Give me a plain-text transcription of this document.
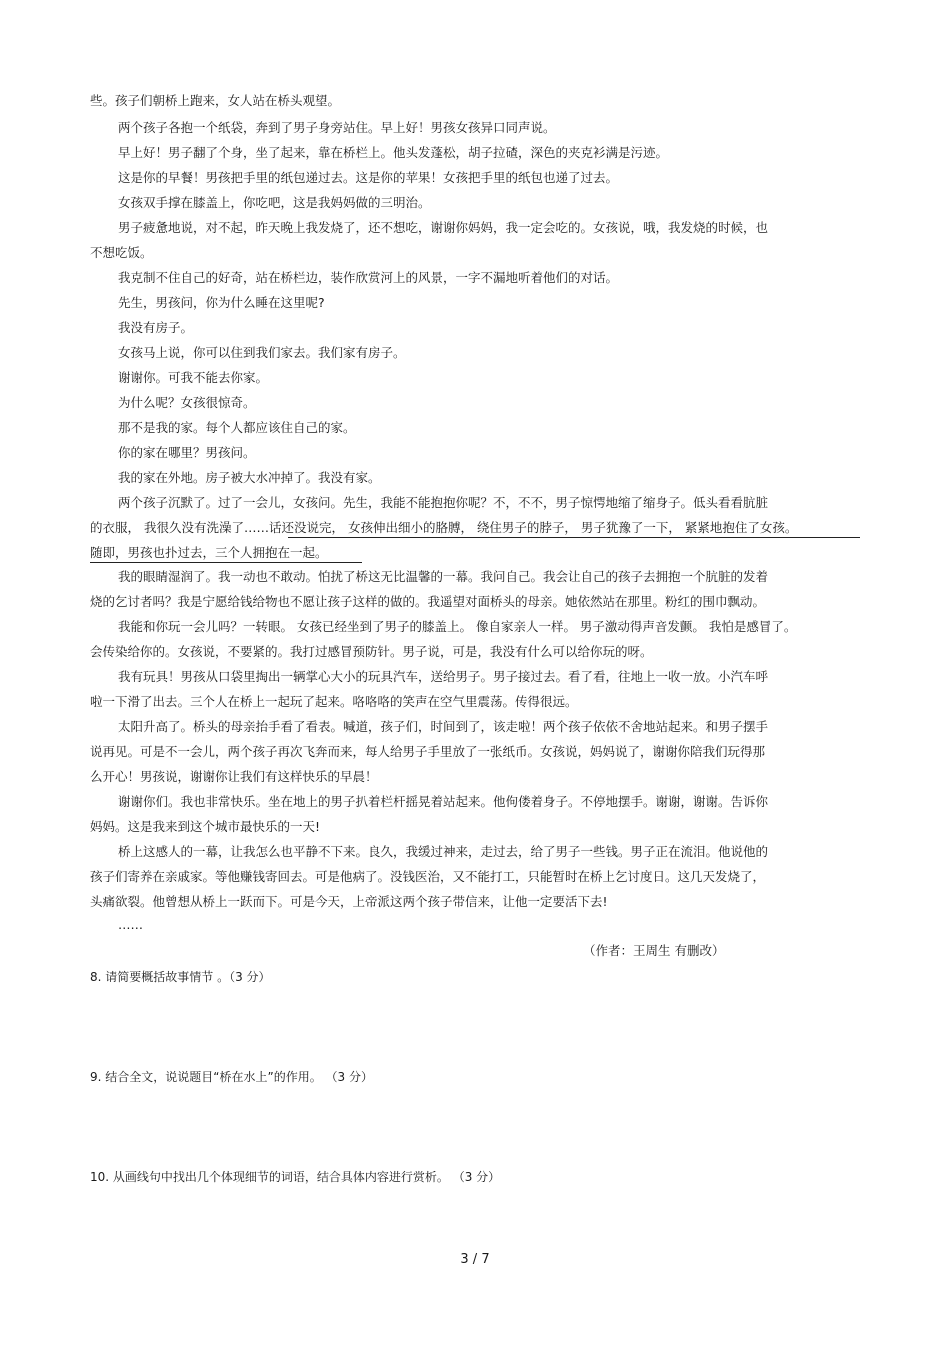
些。孩子们朝桥上跑来，女人站在桥头观望。
两个孩子各抱一个纸袋，奔到了男子身旁站住。早上好！男孩女孩异口同声说。
早上好！男子翻了个身，坐了起来，靠在桥栏上。他头发蓬松，胡子拉碴，深色的夹克衫满是污迹。
这是你的早餐！男孩把手里的纸包递过去。这是你的苹果！女孩把手里的纸包也递了过去。
女孩双手撑在膝盖上，你吃吧，这是我妈妈做的三明治。
男子疲惫地说，对不起，昨天晚上我发烧了，还不想吃，谢谢你妈妈，我一定会吃的。女孩说，哦，我发烧的时候，也
不想吃饭。
我克制不住自己的好奇，站在桥栏边，装作欣赏河上的风景，一字不漏地听着他们的对话。
先生，男孩问，你为什么睡在这里呢?
我没有房子。
女孩马上说，你可以住到我们家去。我们家有房子。
谢谢你。可我不能去你家。
为什么呢？女孩很惊奇。
那不是我的家。每个人都应该住自己的家。
你的家在哪里？男孩问。
我的家在外地。房子被大水冲掉了。我没有家。
两个孩子沉默了。过了一会儿，女孩问。先生，我能不能抱抱你呢？不，不不，男子惊愕地缩了缩身子。低头看看肮脏
的衣服， 我很久没有洗澡了……话还没说完， 女孩伸出细小的胳膊， 绕住男子的脖子， 男子犹豫了一下， 紧紧地抱住了女孩。
随即，男孩也扑过去，三个人拥抱在一起。
我的眼睛湿润了。我一动也不敢动。怕扰了桥这无比温馨的一幕。我问自己。我会让自己的孩子去拥抱一个肮脏的发着
烧的乞讨者吗？我是宁愿给钱给物也不愿让孩子这样的做的。我遥望对面桥头的母亲。她依然站在那里。粉红的围巾飘动。
我能和你玩一会儿吗？一转眼。 女孩已经坐到了男子的膝盖上。 像自家亲人一样。 男子激动得声音发颤。 我怕是感冒了。
会传染给你的。女孩说，不要紧的。我打过感冒预防针。男子说，可是，我没有什么可以给你玩的呀。
我有玩具！男孩从口袋里掏出一辆掌心大小的玩具汽车，送给男子。男子接过去。看了看，往地上一收一放。小汽车呼
啦一下滑了出去。三个人在桥上一起玩了起来。咯咯咯的笑声在空气里震荡。传得很远。
太阳升高了。桥头的母亲抬手看了看表。喊道，孩子们，时间到了，该走啦！两个孩子依依不舍地站起来。和男子摆手
说再见。可是不一会儿，两个孩子再次飞奔而来，每人给男子手里放了一张纸币。女孩说，妈妈说了，谢谢你陪我们玩得那
么开心！男孩说，谢谢你让我们有这样快乐的早晨！
谢谢你们。我也非常快乐。坐在地上的男子扒着栏杆摇晃着站起来。他佝偻着身子。不停地摆手。谢谢，谢谢。告诉你
妈妈。这是我来到这个城市最快乐的一天!
桥上这感人的一幕，让我怎么也平静不下来。良久，我缓过神来，走过去，给了男子一些钱。男子正在流泪。他说他的
孩子们寄养在亲戚家。等他赚钱寄回去。可是他病了。没钱医治，又不能打工，只能暂时在桥上乞讨度日。这几天发烧了，
头痛欲裂。他曾想从桥上一跃而下。可是今天，上帝派这两个孩子带信来，让他一定要活下去!
……
（作者：王周生 有删改）
8. 请简要概括故事情节 。（3 分）
9. 结合全文，说说题目“桥在水上”的作用。 （3 分）
10. 从画线句中找出几个体现细节的词语，结合具体内容进行赏析。 （3 分）
3 / 7
